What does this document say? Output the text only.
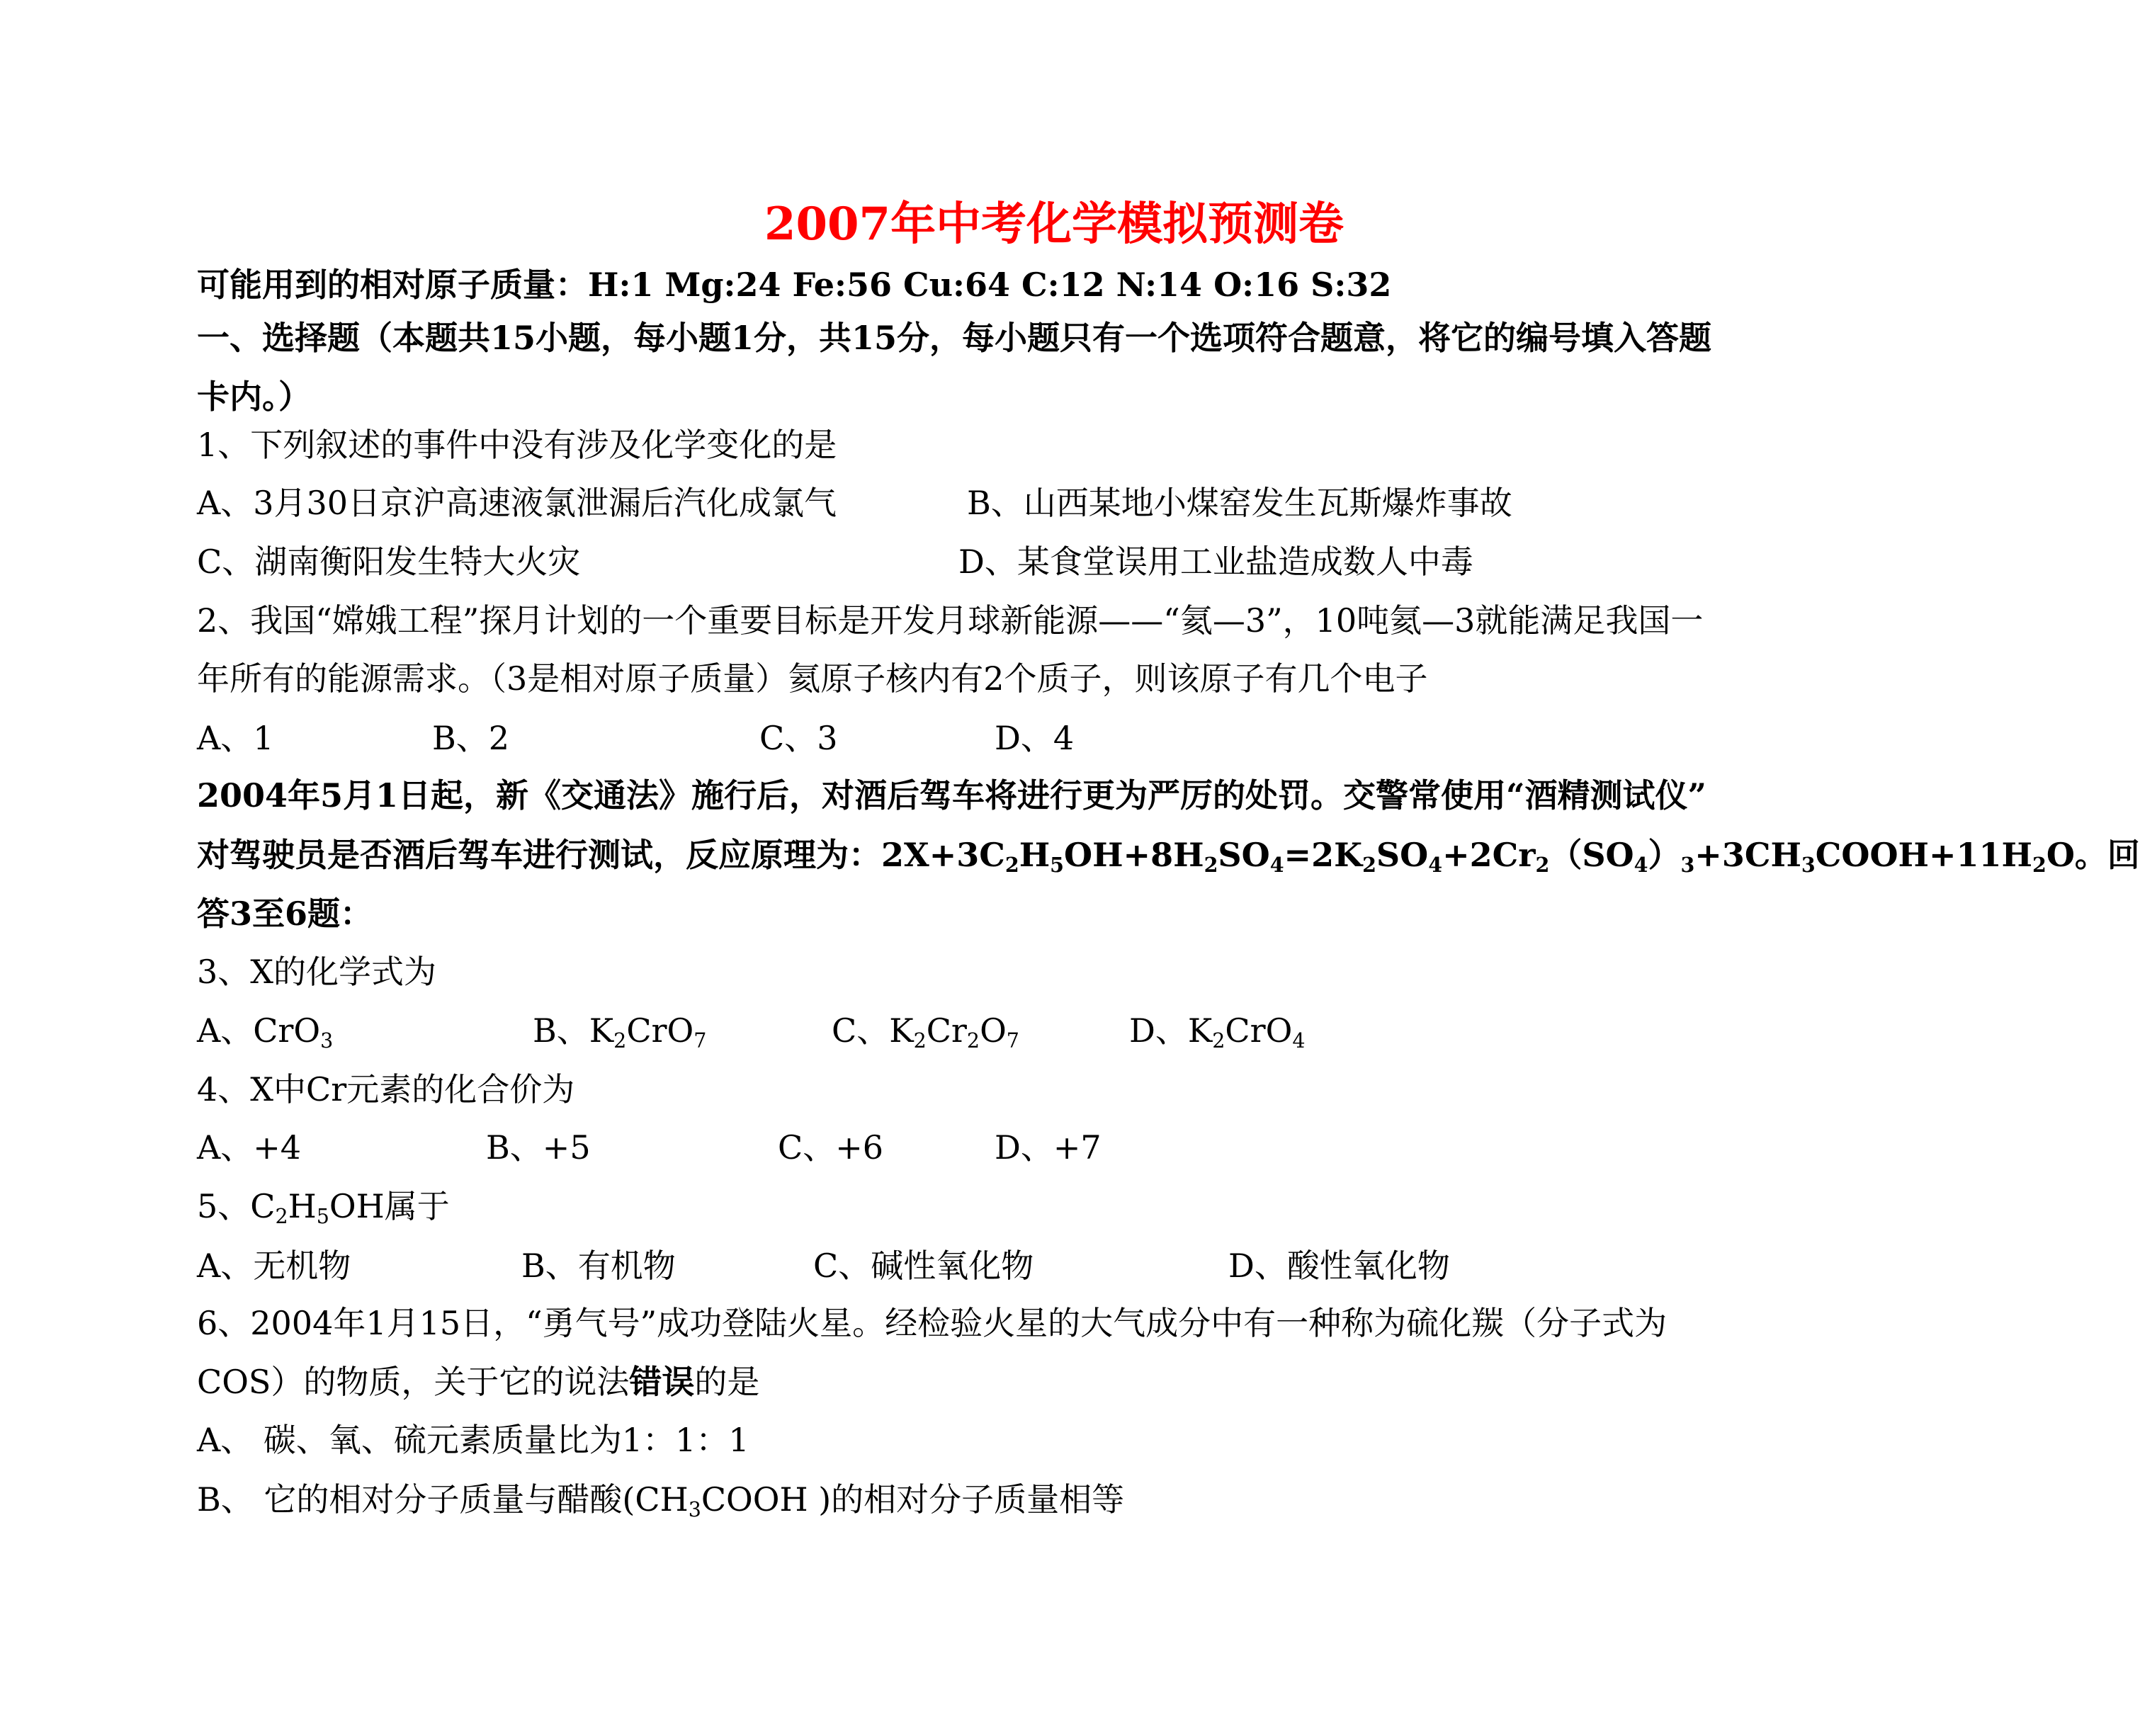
2007年中考化学模拟预测卷
可能用到的相对原子质量：H:1 Mg:24 Fe:56 Cu:64 C:12 N:14 O:16 S:32
一、选择题（本题共15小题，每小题1分，共15分，每小题只有一个选项符合题意，将它的编号填入答题
卡内。）
1、下列叙述的事件中没有涉及化学变化的是
A、3月30日京沪高速液氯泄漏后汽化成氯气	B、山西某地小煤窑发生瓦斯爆炸事故
C、湖南衡阳发生特大火灾	D、某食堂误用工业盐造成数人中毒
2、我国“嫦娥工程”探月计划的一个重要目标是开发月球新能源——“氦—3”，10吨氦—3就能满足我国一
年所有的能源需求。（3是相对原子质量）氦原子核内有2个质子，则该原子有几个电子
A、1	B、2	C、3	D、4
2004年5月1日起，新《交通法》施行后，对酒后驾车将进行更为严厉的处罚。交警常使用“酒精测试仪”
对驾驶员是否酒后驾车进行测试，反应原理为：$2X+3C_2H_5OH+8H_2SO_4=2K_2SO_4+2Cr_2(SO_4)_3+3CH_3COOH+11H_2O$。回
答3至6题：
3、X的化学式为
A、CrO$_3$	B、$K_2CrO_7$	C、$K_2Cr_2O_7$	D、$K_2CrO_4$
4、X中Cr元素的化合价为
A、+4	B、+5	C、+6	D、+7
5、$C_2H_5OH$属于
A、无机物	B、有机物	C、碱性氧化物	D、酸性氧化物
6、2004年1月15日，“勇气号”成功登陆火星。经检验火星的大气成分中有一种称为硫化羰（分子式为
COS）的物质，关于它的说法错误的是
A、 碳、氧、硫元素质量比为1：1：1
B、 它的相对分子质量与醋酸($CH_3COOH$ )的相对分子质量相等
